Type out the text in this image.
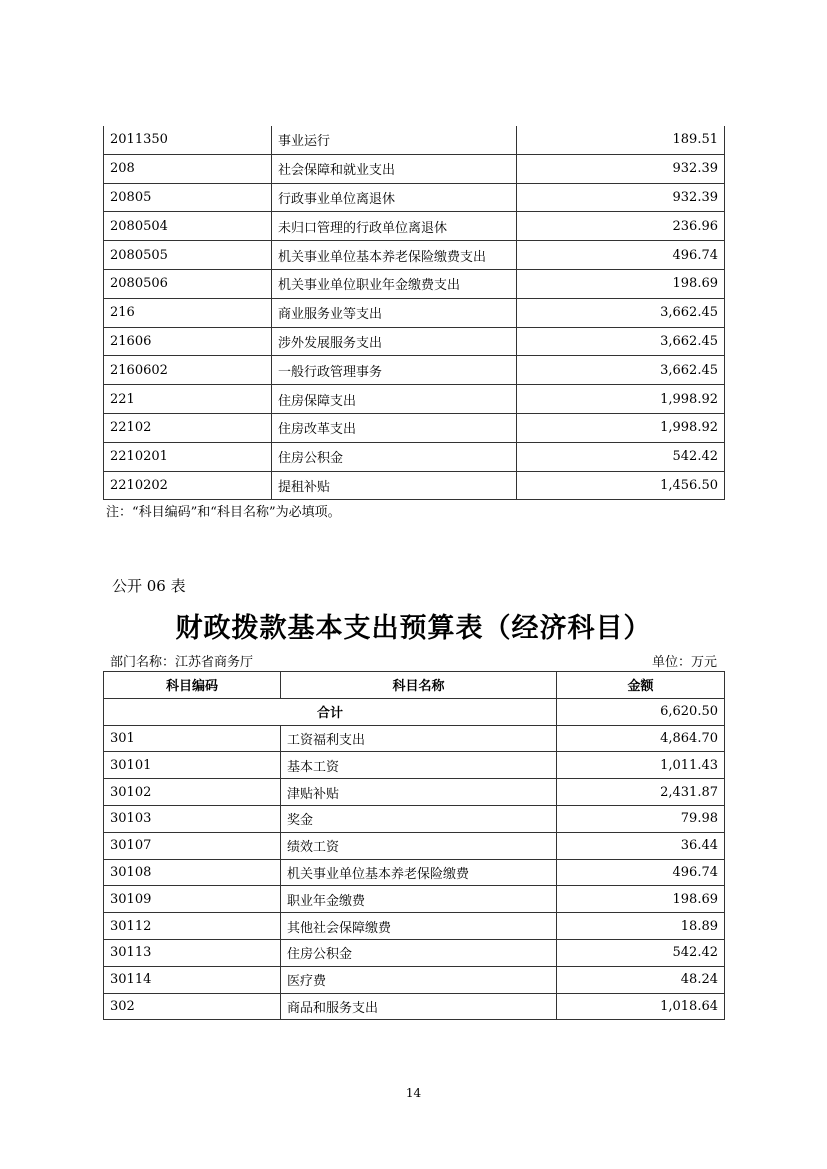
2011350	事业运行	189.51
208	社会保障和就业支出	932.39
20805	行政事业单位离退休	932.39
2080504	未归口管理的行政单位离退休	236.96
2080505	机关事业单位基本养老保险缴费支出	496.74
2080506	机关事业单位职业年金缴费支出	198.69
216	商业服务业等支出	3,662.45
21606	涉外发展服务支出	3,662.45
2160602	一般行政管理事务	3,662.45
221	住房保障支出	1,998.92
22102	住房改革支出	1,998.92
2210201	住房公积金	542.42
2210202	提租补贴	1,456.50
注：“科目编码”和“科目名称”为必填项。
公开 06 表
财政拨款基本支出预算表（经济科目）
部门名称：江苏省商务厅	单位：万元
科目编码	科目名称	金额
合计		6,620.50
301	工资福利支出	4,864.70
30101	基本工资	1,011.43
30102	津贴补贴	2,431.87
30103	奖金	79.98
30107	绩效工资	36.44
30108	机关事业单位基本养老保险缴费	496.74
30109	职业年金缴费	198.69
30112	其他社会保障缴费	18.89
30113	住房公积金	542.42
30114	医疗费	48.24
302	商品和服务支出	1,018.64
14
